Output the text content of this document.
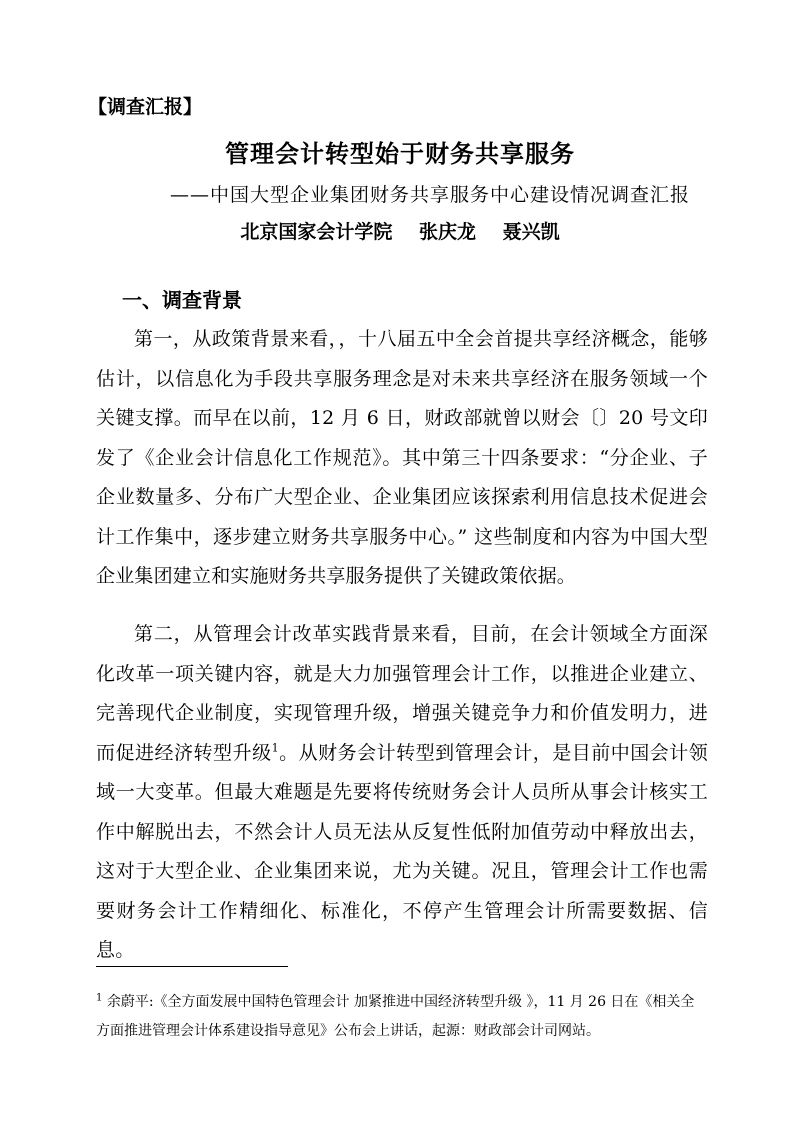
【调查汇报】
管理会计转型始于财务共享服务
——中国大型企业集团财务共享服务中心建设情况调查汇报
北京国家会计学院 张庆龙 聂兴凯
一、调查背景
第一，从政策背景来看，，十八届五中全会首提共享经济概念，能够估计，以信息化为手段共享服务理念是对未来共享经济在服务领域一个关键支撑。而早在以前，12 月 6 日，财政部就曾以财会〔〕20 号文印发了《企业会计信息化工作规范》。其中第三十四条要求：“分企业、子企业数量多、分布广大型企业、企业集团应该探索利用信息技术促进会计工作集中，逐步建立财务共享服务中心。” 这些制度和内容为中国大型企业集团建立和实施财务共享服务提供了关键政策依据。
第二，从管理会计改革实践背景来看，目前，在会计领域全方面深化改革一项关键内容，就是大力加强管理会计工作，以推进企业建立、完善现代企业制度，实现管理升级，增强关键竞争力和价值发明力，进而促进经济转型升级$^1$。从财务会计转型到管理会计，是目前中国会计领域一大变革。但最大难题是先要将传统财务会计人员所从事会计核实工作中解脱出去，不然会计人员无法从反复性低附加值劳动中释放出去，这对于大型企业、企业集团来说，尤为关键。况且，管理会计工作也需要财务会计工作精细化、标准化，不停产生管理会计所需要数据、信息。
$^1$ 余蔚平:《全方面发展中国特色管理会计 加紧推进中国经济转型升级 》，11 月 26 日在《相关全方面推进管理会计体系建设指导意见》公布会上讲话，起源：财政部会计司网站。
